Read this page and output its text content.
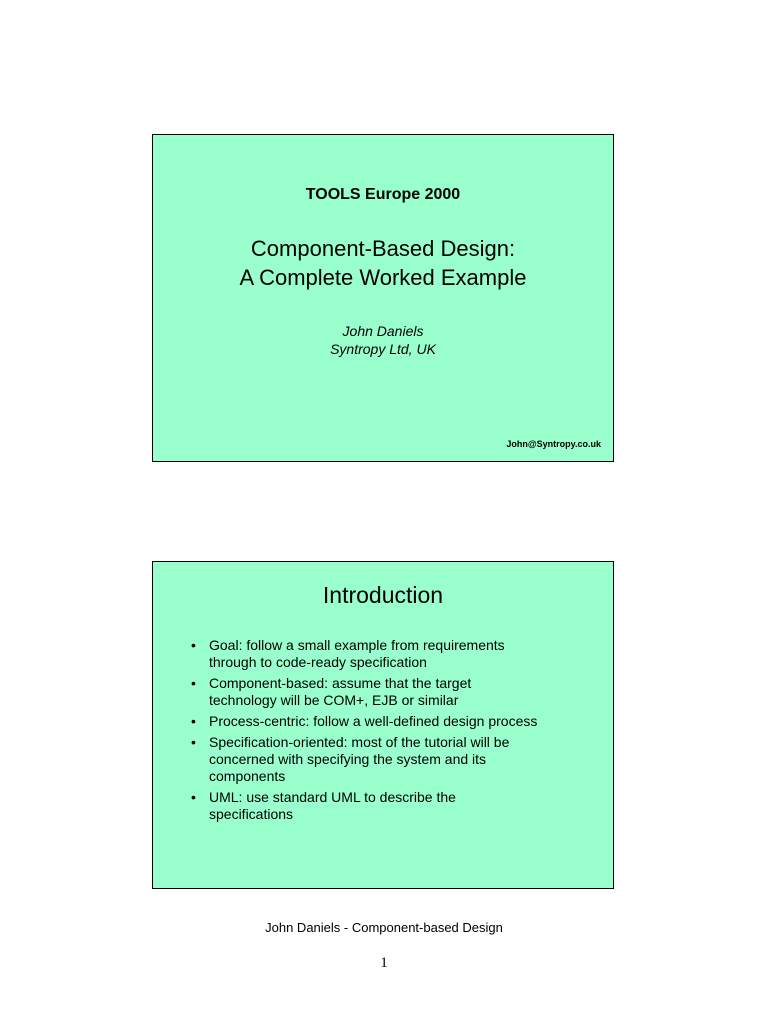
TOOLS Europe 2000
Component-Based Design:
A Complete Worked Example
John Daniels
Syntropy Ltd, UK
John@Syntropy.co.uk
Introduction
• Goal: follow a small example from requirements
through to code-ready specification
• Component-based: assume that the target
technology will be COM+, EJB or similar
• Process-centric: follow a well-defined design process
• Specification-oriented: most of the tutorial will be
concerned with specifying the system and its
components
• UML: use standard UML to describe the
specifications
John Daniels - Component-based Design
1
